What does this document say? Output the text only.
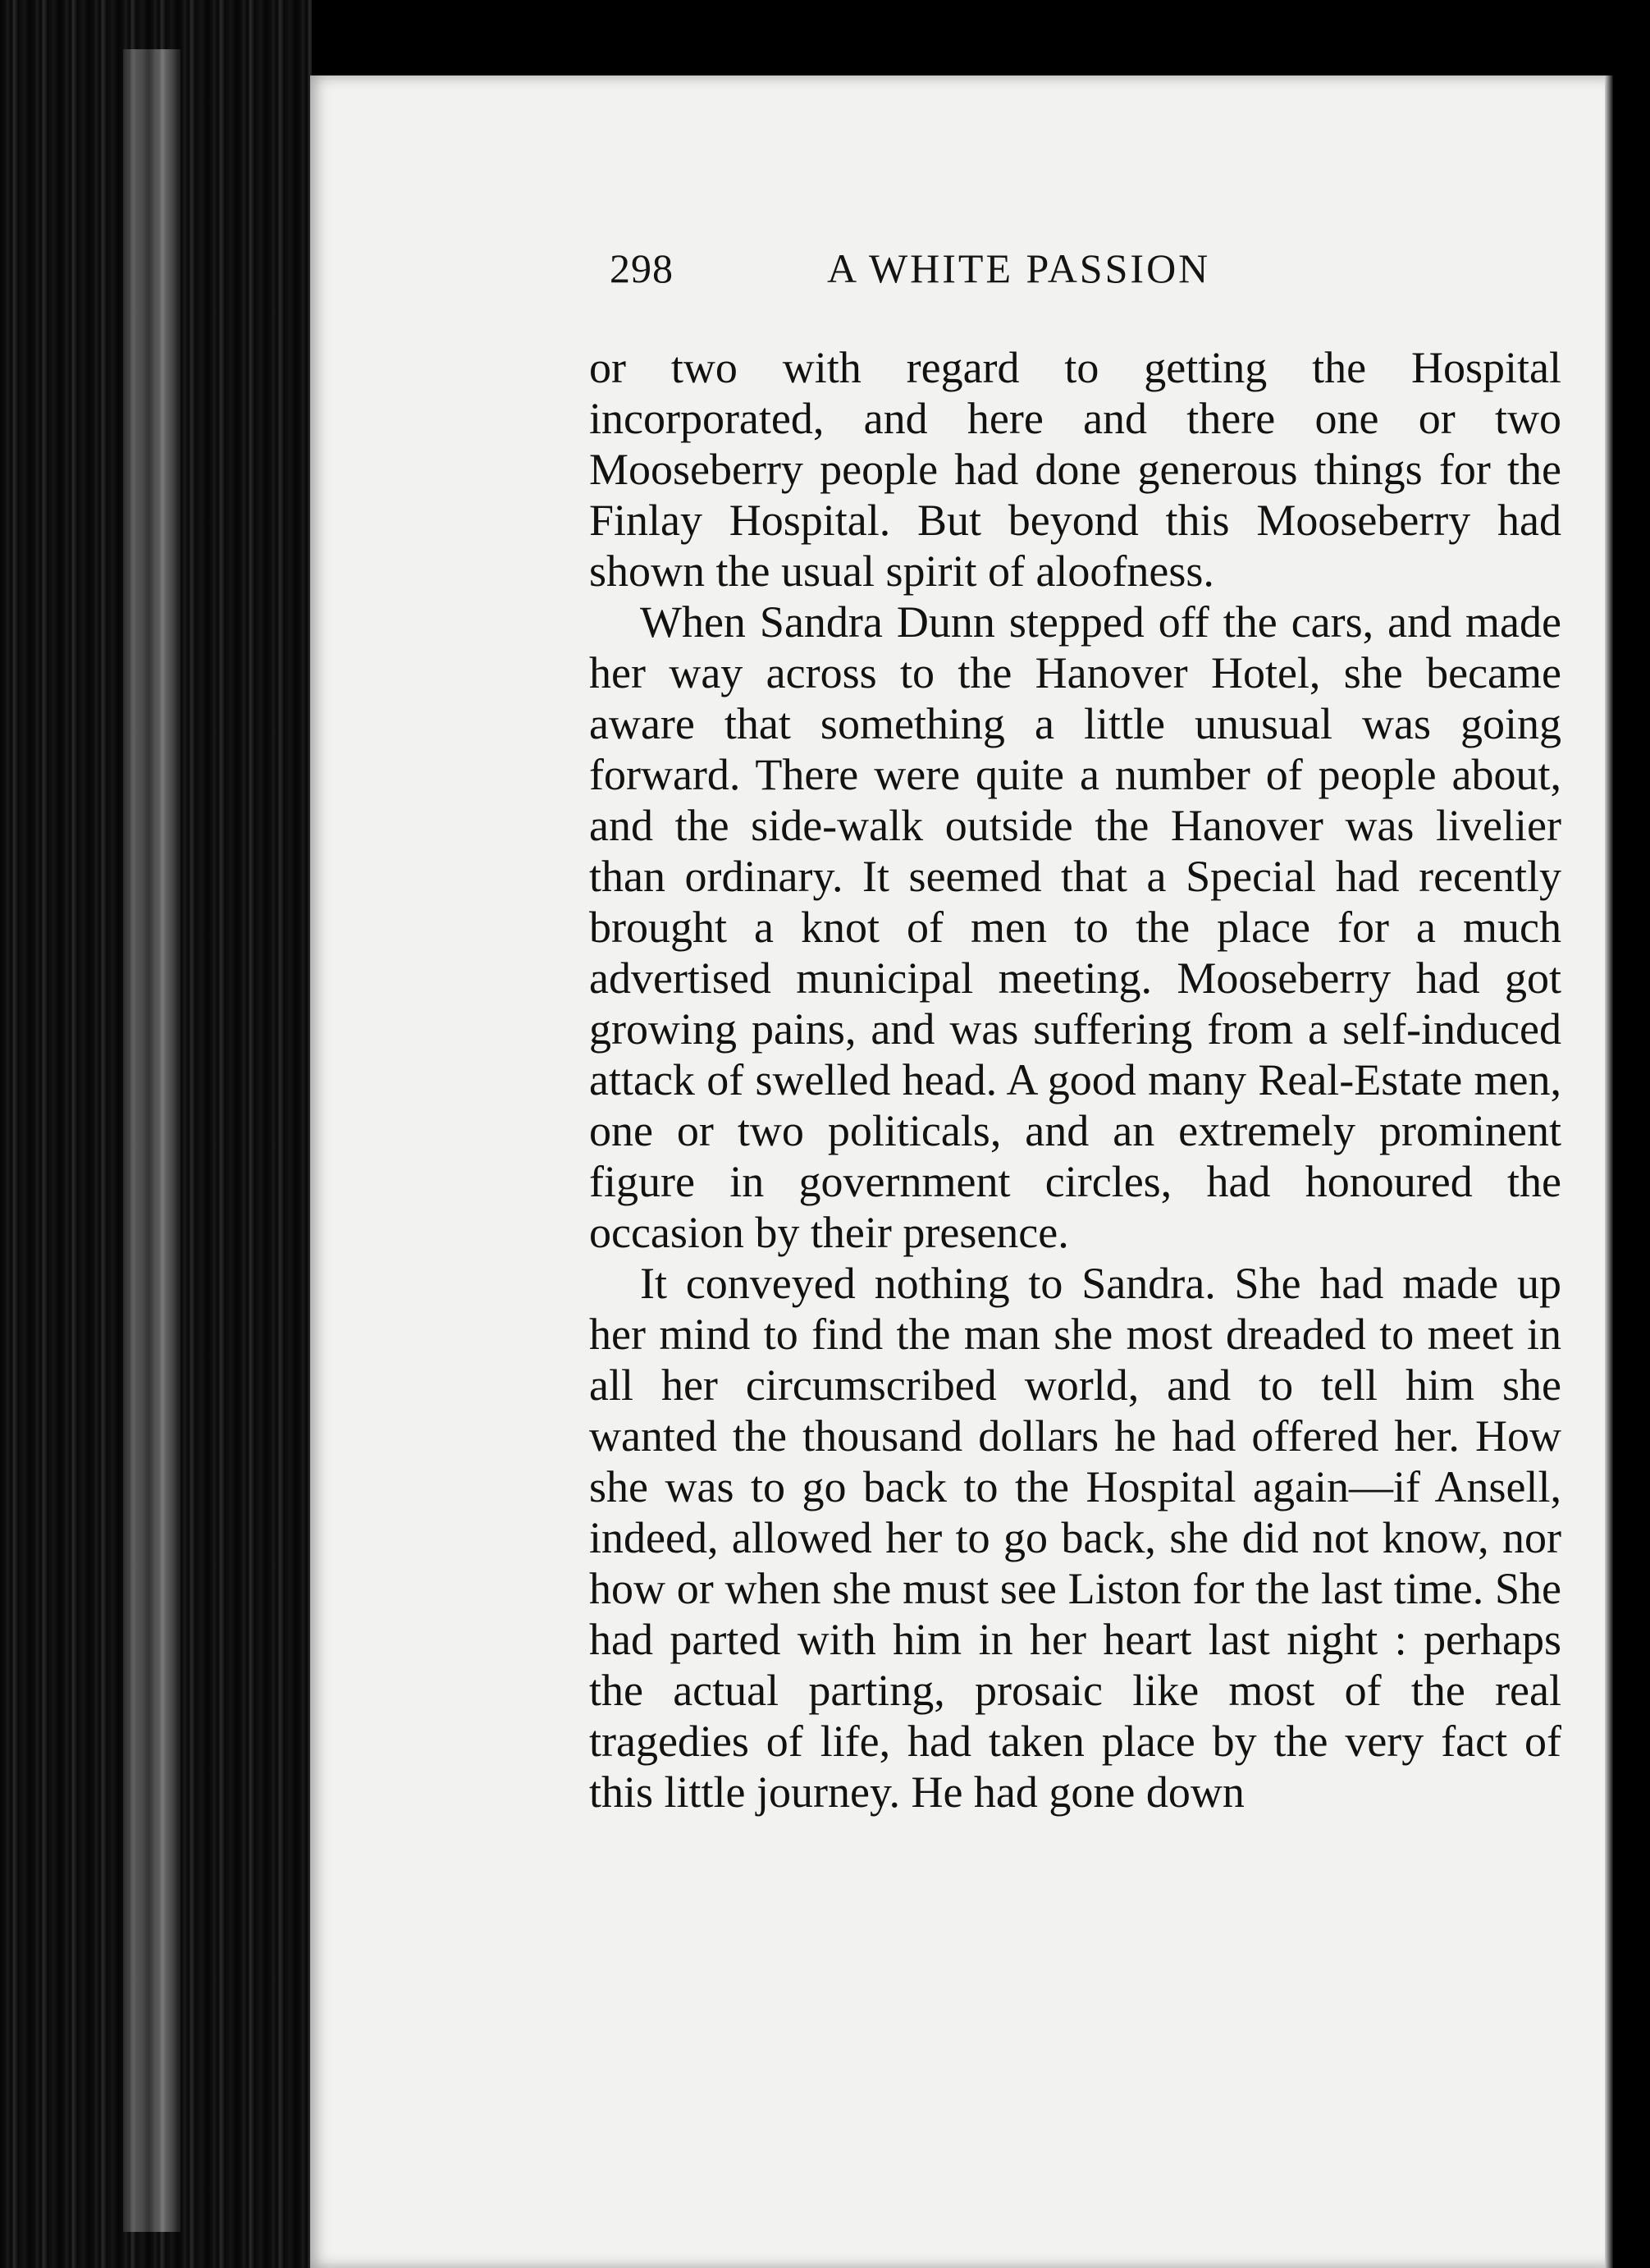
298	A WHITE PASSION

or two with regard to getting the Hospital incorporated, and here and there one or two Mooseberry people had done generous things for the Finlay Hospital. But beyond this Mooseberry had shown the usual spirit of aloofness.

When Sandra Dunn stepped off the cars, and made her way across to the Hanover Hotel, she became aware that something a little unusual was going forward. There were quite a number of people about, and the side-walk outside the Hanover was livelier than ordinary. It seemed that a Special had recently brought a knot of men to the place for a much advertised municipal meeting. Mooseberry had got growing pains, and was suffering from a self-induced attack of swelled head. A good many Real-Estate men, one or two politicals, and an extremely prominent figure in government circles, had honoured the occasion by their presence.

It conveyed nothing to Sandra. She had made up her mind to find the man she most dreaded to meet in all her circumscribed world, and to tell him she wanted the thousand dollars he had offered her. How she was to go back to the Hospital again—if Ansell, indeed, allowed her to go back, she did not know, nor how or when she must see Liston for the last time. She had parted with him in her heart last night : perhaps the actual parting, prosaic like most of the real tragedies of life, had taken place by the very fact of this little journey. He had gone down
